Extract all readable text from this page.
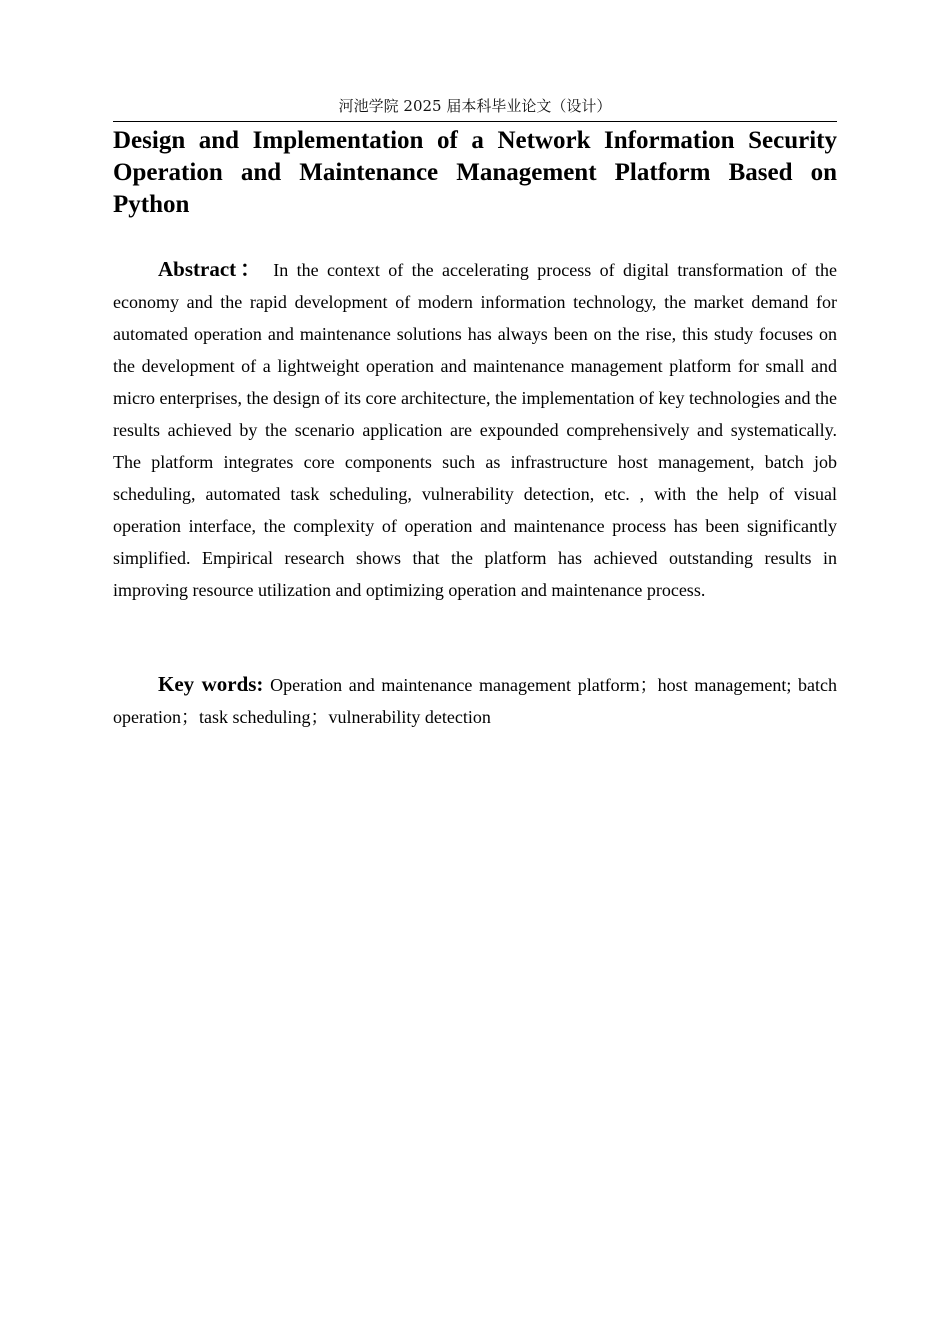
河池学院 2025 届本科毕业论文（设计）
Design and Implementation of a Network Information Security Operation and Maintenance Management Platform Based on Python

Abstract： In the context of the accelerating process of digital transformation of the economy and the rapid development of modern information technology, the market demand for automated operation and maintenance solutions has always been on the rise, this study focuses on the development of a lightweight operation and maintenance management platform for small and micro enterprises, the design of its core architecture, the implementation of key technologies and the results achieved by the scenario application are expounded comprehensively and systematically. The platform integrates core components such as infrastructure host management, batch job scheduling, automated task scheduling, vulnerability detection, etc. , with the help of visual operation interface, the complexity of operation and maintenance process has been significantly simplified. Empirical research shows that the platform has achieved outstanding results in improving resource utilization and optimizing operation and maintenance process.

Key words: Operation and maintenance management platform；host management; batch operation；task scheduling；vulnerability detection
